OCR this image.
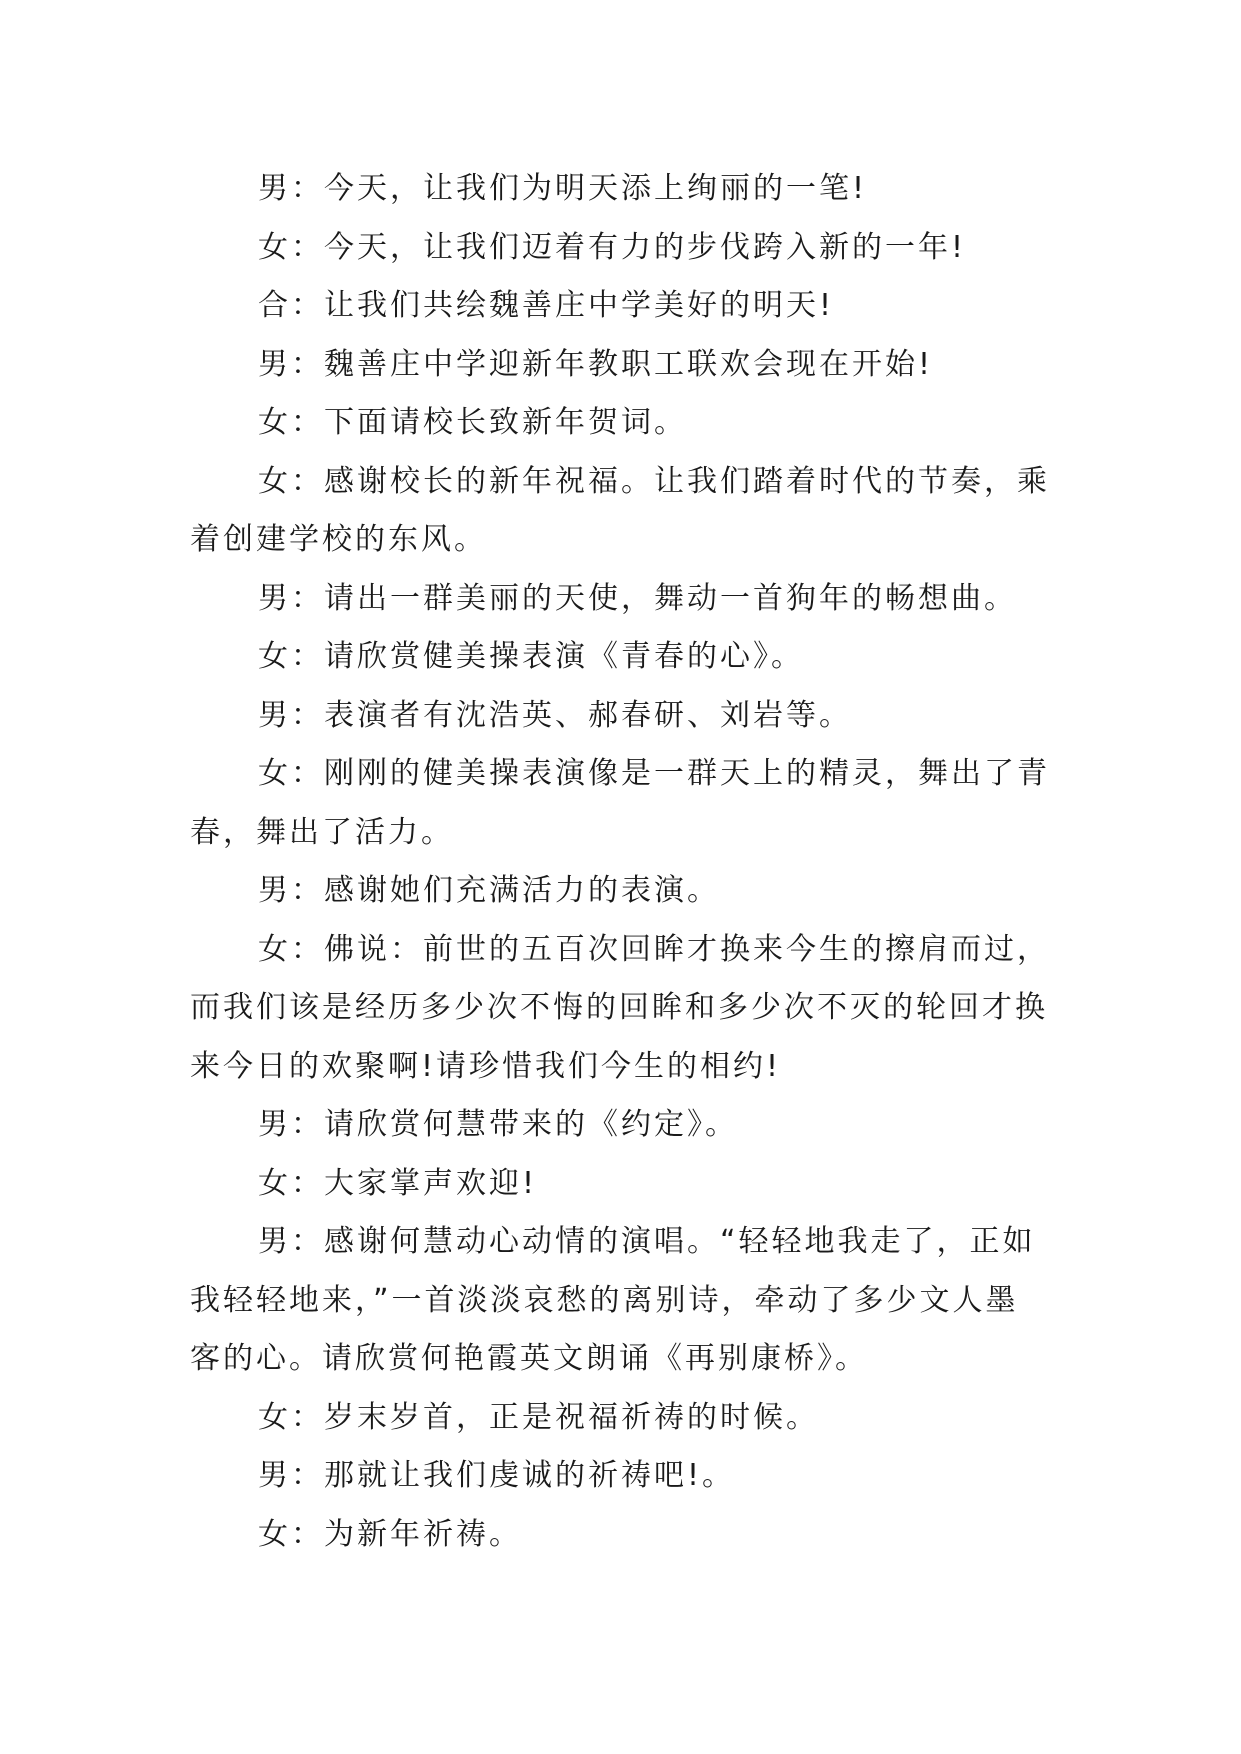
男：今天，让我们为明天添上绚丽的一笔!

女：今天，让我们迈着有力的步伐跨入新的一年!

合：让我们共绘魏善庄中学美好的明天!

男：魏善庄中学迎新年教职工联欢会现在开始!

女：下面请校长致新年贺词。

女：感谢校长的新年祝福。让我们踏着时代的节奏，乘着创建学校的东风。

男：请出一群美丽的天使，舞动一首狗年的畅想曲。

女：请欣赏健美操表演《青春的心》。

男：表演者有沈浩英、郝春研、刘岩等。

女：刚刚的健美操表演像是一群天上的精灵，舞出了青春，舞出了活力。

男：感谢她们充满活力的表演。

女：佛说：前世的五百次回眸才换来今生的擦肩而过，而我们该是经历多少次不悔的回眸和多少次不灭的轮回才换来今日的欢聚啊!请珍惜我们今生的相约!

男：请欣赏何慧带来的《约定》。

女：大家掌声欢迎!

男：感谢何慧动心动情的演唱。“轻轻地我走了，正如我轻轻地来，”一首淡淡哀愁的离别诗，牵动了多少文人墨客的心。请欣赏何艳霞英文朗诵《再别康桥》。

女：岁末岁首，正是祝福祈祷的时候。

男：那就让我们虔诚的祈祷吧!。

女：为新年祈祷。
